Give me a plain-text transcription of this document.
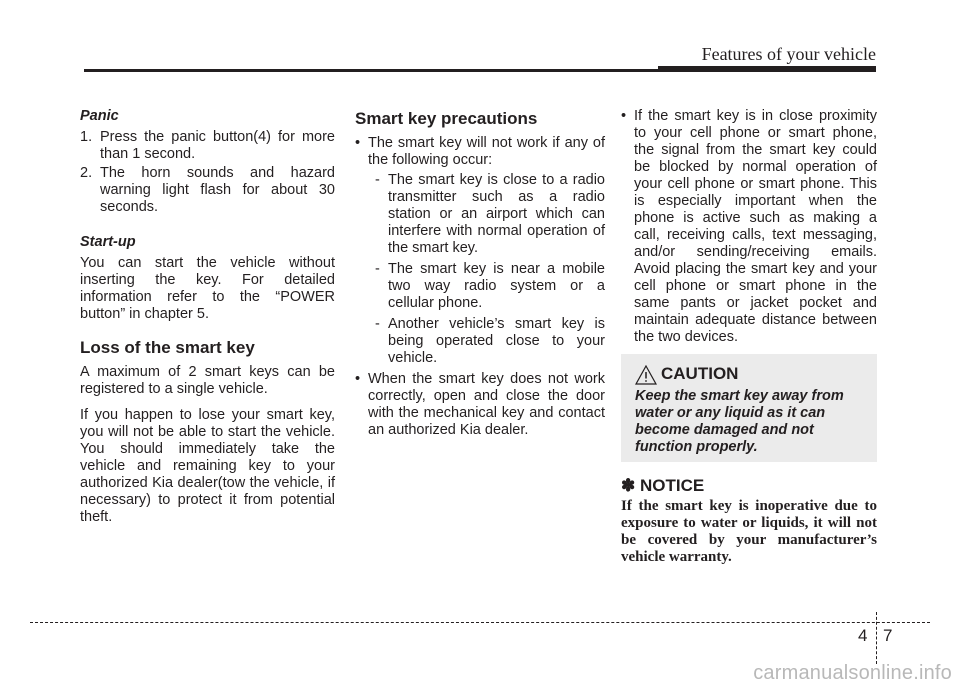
Features of your vehicle
Panic
1. Press the panic button(4) for more than 1 second.
2. The horn sounds and hazard warning light flash for about 30 seconds.
Start-up

You can start the vehicle without inserting the key. For detailed information refer to the “POWER button” in chapter 5.

Loss of the smart key

A maximum of 2 smart keys can be registered to a single vehicle.

If you happen to lose your smart key, you will not be able to start the vehicle. You should immediately take the vehicle and remaining key to your authorized Kia dealer(tow the vehicle, if necessary) to protect it from potential theft.

Smart key precautions
• The smart key will not work if any of the following occur:
- The smart key is close to a radio transmitter such as a radio station or an airport which can interfere with normal operation of the smart key.
- The smart key is near a mobile two way radio system or a cellular phone.
- Another vehicle’s smart key is being operated close to your vehicle.
• When the smart key does not work correctly, open and close the door with the mechanical key and contact an authorized Kia dealer.
• If the smart key is in close proximity to your cell phone or smart phone, the signal from the smart key could be blocked by normal operation of your cell phone or smart phone. This is especially important when the phone is active such as making a call, receiving calls, text messaging, and/or sending/receiving emails. Avoid placing the smart key and your cell phone or smart phone in the same pants or jacket pocket and maintain adequate distance between the two devices.
CAUTION
Keep the smart key away from water or any liquid as it can become damaged and not function properly.
✽ NOTICE
If the smart key is inoperative due to exposure to water or liquids, it will not be covered by your manufacturer’s vehicle warranty.
4 7
carmanualsonline.info
